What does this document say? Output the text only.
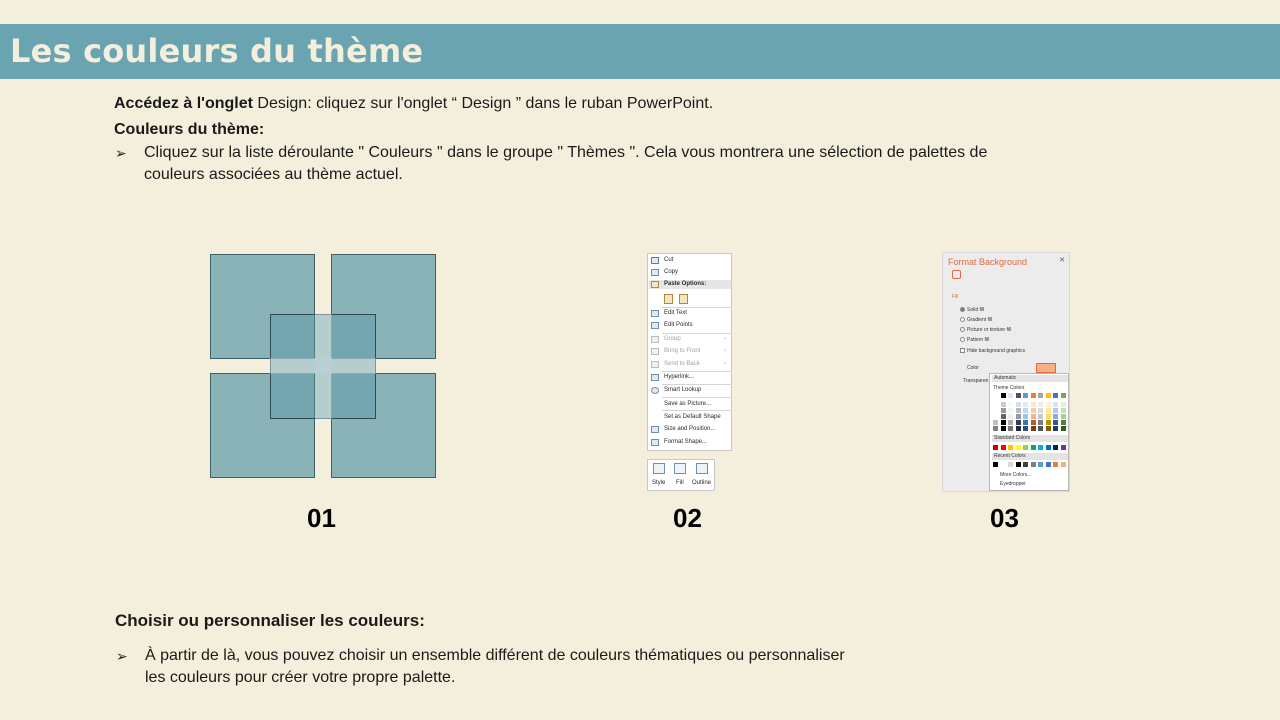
Les couleurs du thème
Accédez à l'onglet Design: cliquez sur l'onglet “ Design ” dans le ruban PowerPoint.
Couleurs du thème:
➢ Cliquez sur la liste déroulante " Couleurs " dans le groupe " Thèmes ". Cela vous montrera une sélection de palettes de
couleurs associées au thème actuel.
Cut
Copy
Paste Options:
Edit Text
Edit Points
Group	›
Bring to Front	›
Send to Back	›
Hyperlink...
Smart Lookup
Save as Picture...
Set as Default Shape
Size and Position...
Format Shape...
Style Fill Outline
Format Background	✕
Fill
Solid fill
Gradient fill
Picture or texture fill
Pattern fill
Hide background graphics
Color
Transparen	Automatic
Theme Colors
Standard Colors
Recent Colors
More Colors...
Eyedropper
01	02	03
Choisir ou personnaliser les couleurs:
➢ À partir de là, vous pouvez choisir un ensemble différent de couleurs thématiques ou personnaliser
les couleurs pour créer votre propre palette.
